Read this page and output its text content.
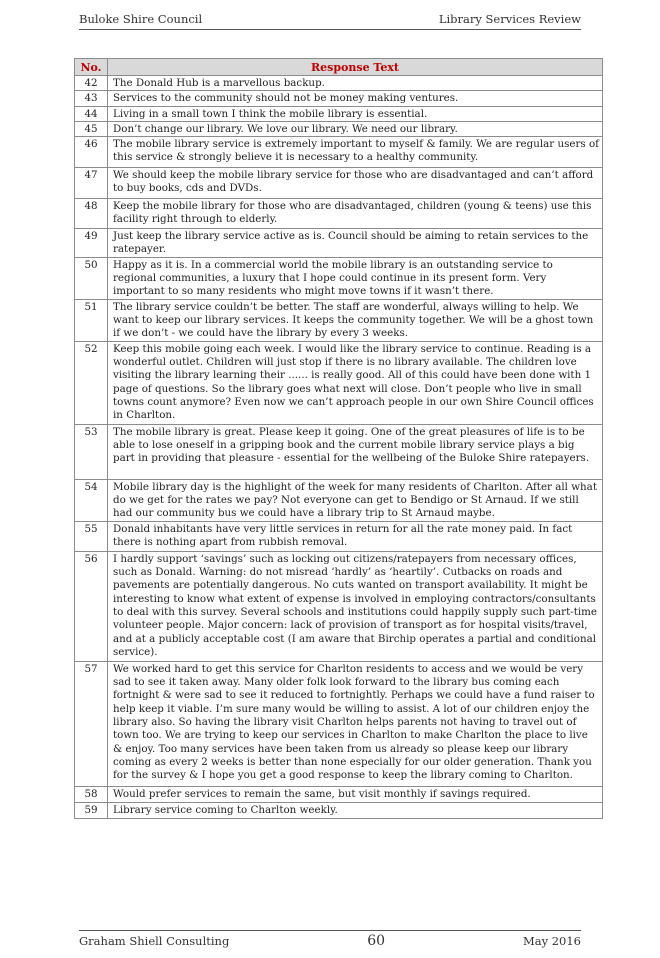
Buloke Shire Council	Library Services Review
No.	Response Text
42	The Donald Hub is a marvellous backup.
43	Services to the community should not be money making ventures.
44	Living in a small town I think the mobile library is essential.
45	Don’t change our library. We love our library. We need our library.
46	The mobile library service is extremely important to myself & family. We are regular users of this service & strongly believe it is necessary to a healthy community.
47	We should keep the mobile library service for those who are disadvantaged and can’t afford to buy books, cds and DVDs.
48	Keep the mobile library for those who are disadvantaged, children (young & teens) use this facility right through to elderly.
49	Just keep the library service active as is. Council should be aiming to retain services to the ratepayer.
50	Happy as it is. In a commercial world the mobile library is an outstanding service to regional communities, a luxury that I hope could continue in its present form. Very important to so many residents who might move towns if it wasn’t there.
51	The library service couldn’t be better. The staff are wonderful, always willing to help. We want to keep our library services. It keeps the community together. We will be a ghost town if we don’t - we could have the library by every 3 weeks.
52	Keep this mobile going each week. I would like the library service to continue. Reading is a wonderful outlet. Children will just stop if there is no library available. The children love visiting the library learning their ...... is really good. All of this could have been done with 1 page of questions. So the library goes what next will close. Don’t people who live in small towns count anymore? Even now we can’t approach people in our own Shire Council offices in Charlton.
53	The mobile library is great. Please keep it going. One of the great pleasures of life is to be able to lose oneself in a gripping book and the current mobile library service plays a big part in providing that pleasure - essential for the wellbeing of the Buloke Shire ratepayers.
54	Mobile library day is the highlight of the week for many residents of Charlton. After all what do we get for the rates we pay? Not everyone can get to Bendigo or St Arnaud. If we still had our community bus we could have a library trip to St Arnaud maybe.
55	Donald inhabitants have very little services in return for all the rate money paid. In fact there is nothing apart from rubbish removal.
56	I hardly support ‘savings’ such as locking out citizens/ratepayers from necessary offices, such as Donald. Warning: do not misread ‘hardly’ as ‘heartily’. Cutbacks on roads and pavements are potentially dangerous. No cuts wanted on transport availability. It might be interesting to know what extent of expense is involved in employing contractors/consultants to deal with this survey. Several schools and institutions could happily supply such part-time volunteer people. Major concern: lack of provision of transport as for hospital visits/travel, and at a publicly acceptable cost (I am aware that Birchip operates a partial and conditional service).
57	We worked hard to get this service for Charlton residents to access and we would be very sad to see it taken away. Many older folk look forward to the library bus coming each fortnight & were sad to see it reduced to fortnightly. Perhaps we could have a fund raiser to help keep it viable. I’m sure many would be willing to assist. A lot of our children enjoy the library also. So having the library visit Charlton helps parents not having to travel out of town too. We are trying to keep our services in Charlton to make Charlton the place to live & enjoy. Too many services have been taken from us already so please keep our library coming as every 2 weeks is better than none especially for our older generation. Thank you for the survey & I hope you get a good response to keep the library coming to Charlton.
58	Would prefer services to remain the same, but visit monthly if savings required.
59	Library service coming to Charlton weekly.
Graham Shiell Consulting	60	May 2016
